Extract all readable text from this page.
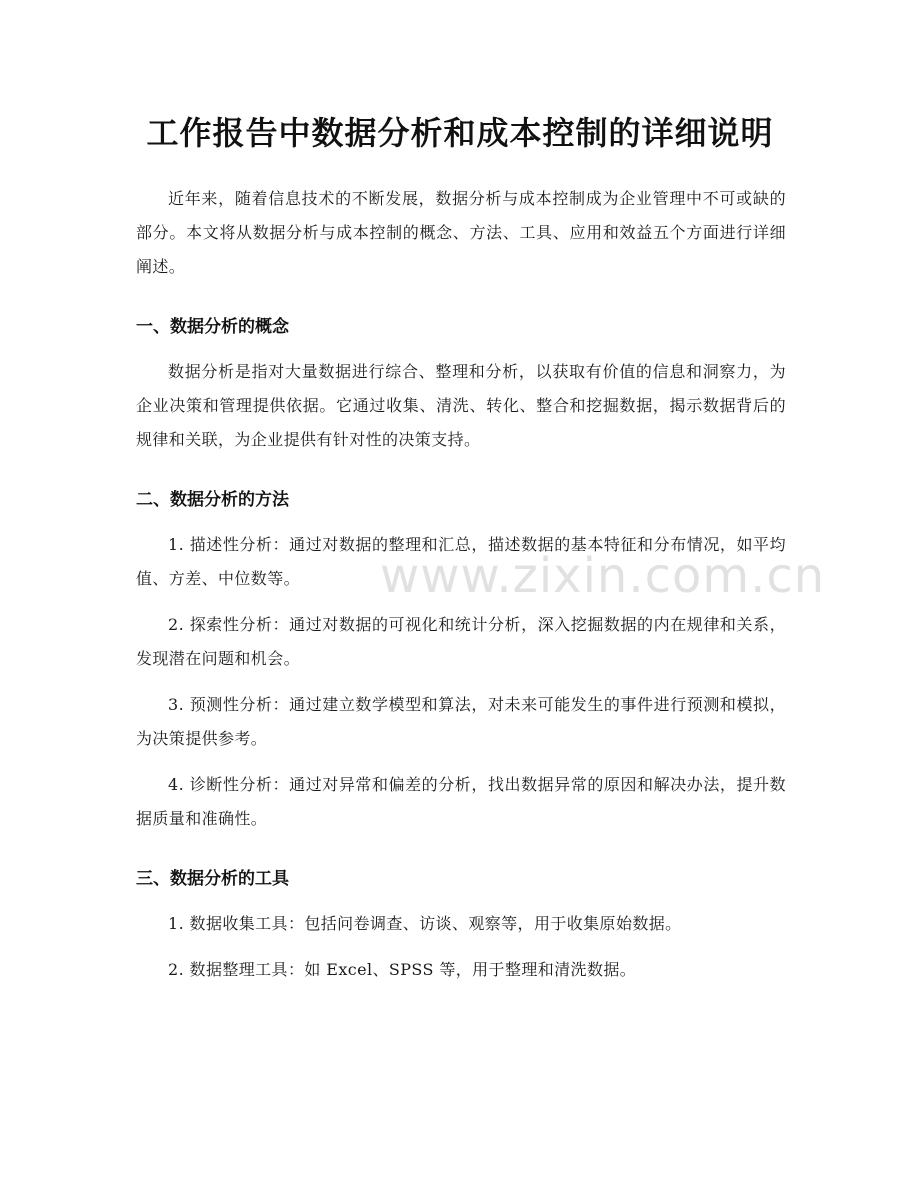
工作报告中数据分析和成本控制的详细说明

近年来，随着信息技术的不断发展，数据分析与成本控制成为企业管理中不可或缺的部分。本文将从数据分析与成本控制的概念、方法、工具、应用和效益五个方面进行详细阐述。

一、数据分析的概念

数据分析是指对大量数据进行综合、整理和分析，以获取有价值的信息和洞察力，为企业决策和管理提供依据。它通过收集、清洗、转化、整合和挖掘数据，揭示数据背后的规律和关联，为企业提供有针对性的决策支持。

二、数据分析的方法

1. 描述性分析：通过对数据的整理和汇总，描述数据的基本特征和分布情况，如平均值、方差、中位数等。

2. 探索性分析：通过对数据的可视化和统计分析，深入挖掘数据的内在规律和关系，发现潜在问题和机会。

3. 预测性分析：通过建立数学模型和算法，对未来可能发生的事件进行预测和模拟，为决策提供参考。

4. 诊断性分析：通过对异常和偏差的分析，找出数据异常的原因和解决办法，提升数据质量和准确性。

三、数据分析的工具

1. 数据收集工具：包括问卷调查、访谈、观察等，用于收集原始数据。

2. 数据整理工具：如 Excel、SPSS 等，用于整理和清洗数据。

www.zixin.com.cn
